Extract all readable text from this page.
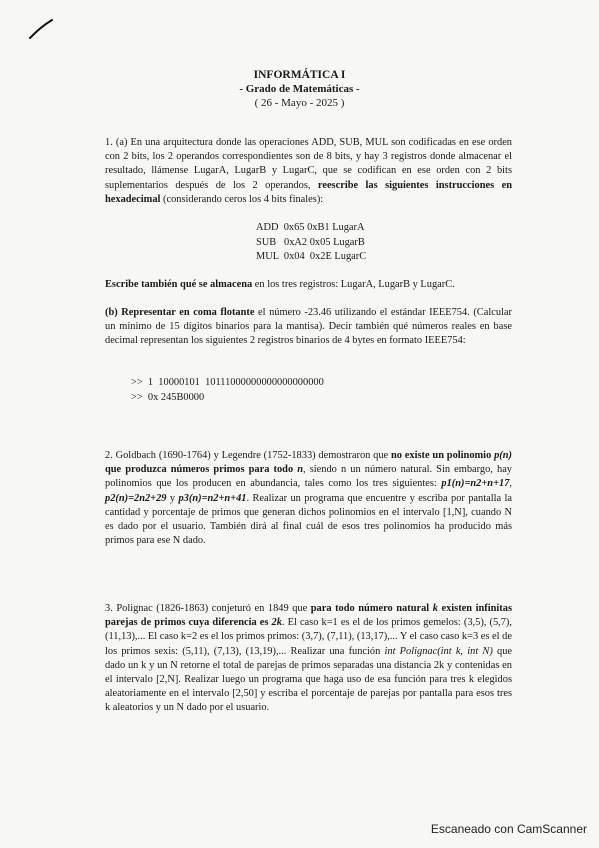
INFORMÁTICA I
- Grado de Matemáticas -
( 26 - Mayo - 2025 )

1. (a) En una arquitectura donde las operaciones ADD, SUB, MUL son codificadas en ese orden con 2 bits, los 2 operandos correspondientes son de 8 bits, y hay 3 registros donde almacenar el resultado, llámense LugarA, LugarB y LugarC, que se codifican en ese orden con 2 bits suplementarios después de los 2 operandos, reescribe las siguientes instrucciones en hexadecimal (considerando ceros los 4 bits finales):

ADD  0x65 0xB1 LugarA
SUB   0xA2 0x05 LugarB
MUL  0x04  0x2E LugarC

Escribe también qué se almacena en los tres registros: LugarA, LugarB y LugarC.

(b) Representar en coma flotante el número -23.46 utilizando el estándar IEEE754. (Calcular un mínimo de 15 dígitos binarios para la mantisa). Decir también qué números reales en base decimal representan los siguientes 2 registros binarios de 4 bytes en formato IEEE754:

>>  1  10000101  10111000000000000000000
>>  0x 245B0000

2. Goldbach (1690-1764) y Legendre (1752-1833) demostraron que no existe un polinomio p(n) que produzca números primos para todo n, siendo n un número natural. Sin embargo, hay polinomios que los producen en abundancia, tales como los tres siguientes: p1(n)=n2+n+17, p2(n)=2n2+29 y p3(n)=n2+n+41. Realizar un programa que encuentre y escriba por pantalla la cantidad y porcentaje de primos que generan dichos polinomios en el intervalo [1,N], cuando N es dado por el usuario. También dirá al final cuál de esos tres polinomios ha producido más primos para ese N dado.

3. Polignac (1826-1863) conjeturó en 1849 que para todo número natural k existen infinitas parejas de primos cuya diferencia es 2k. El caso k=1 es el de los primos gemelos: (3,5), (5,7), (11,13),... El caso k=2 es el los primos primos: (3,7), (7,11), (13,17),... Y el caso caso k=3 es el de los primos sexis: (5,11), (7,13), (13,19),... Realizar una función int Polignac(int k, int N) que dado un k y un N retorne el total de parejas de primos separadas una distancia 2k y contenidas en el intervalo [2,N]. Realizar luego un programa que haga uso de esa función para tres k elegidos aleatoriamente en el intervalo [2,50] y escriba el porcentaje de parejas por pantalla para esos tres k aleatorios y un N dado por el usuario.

Escaneado con CamScanner
